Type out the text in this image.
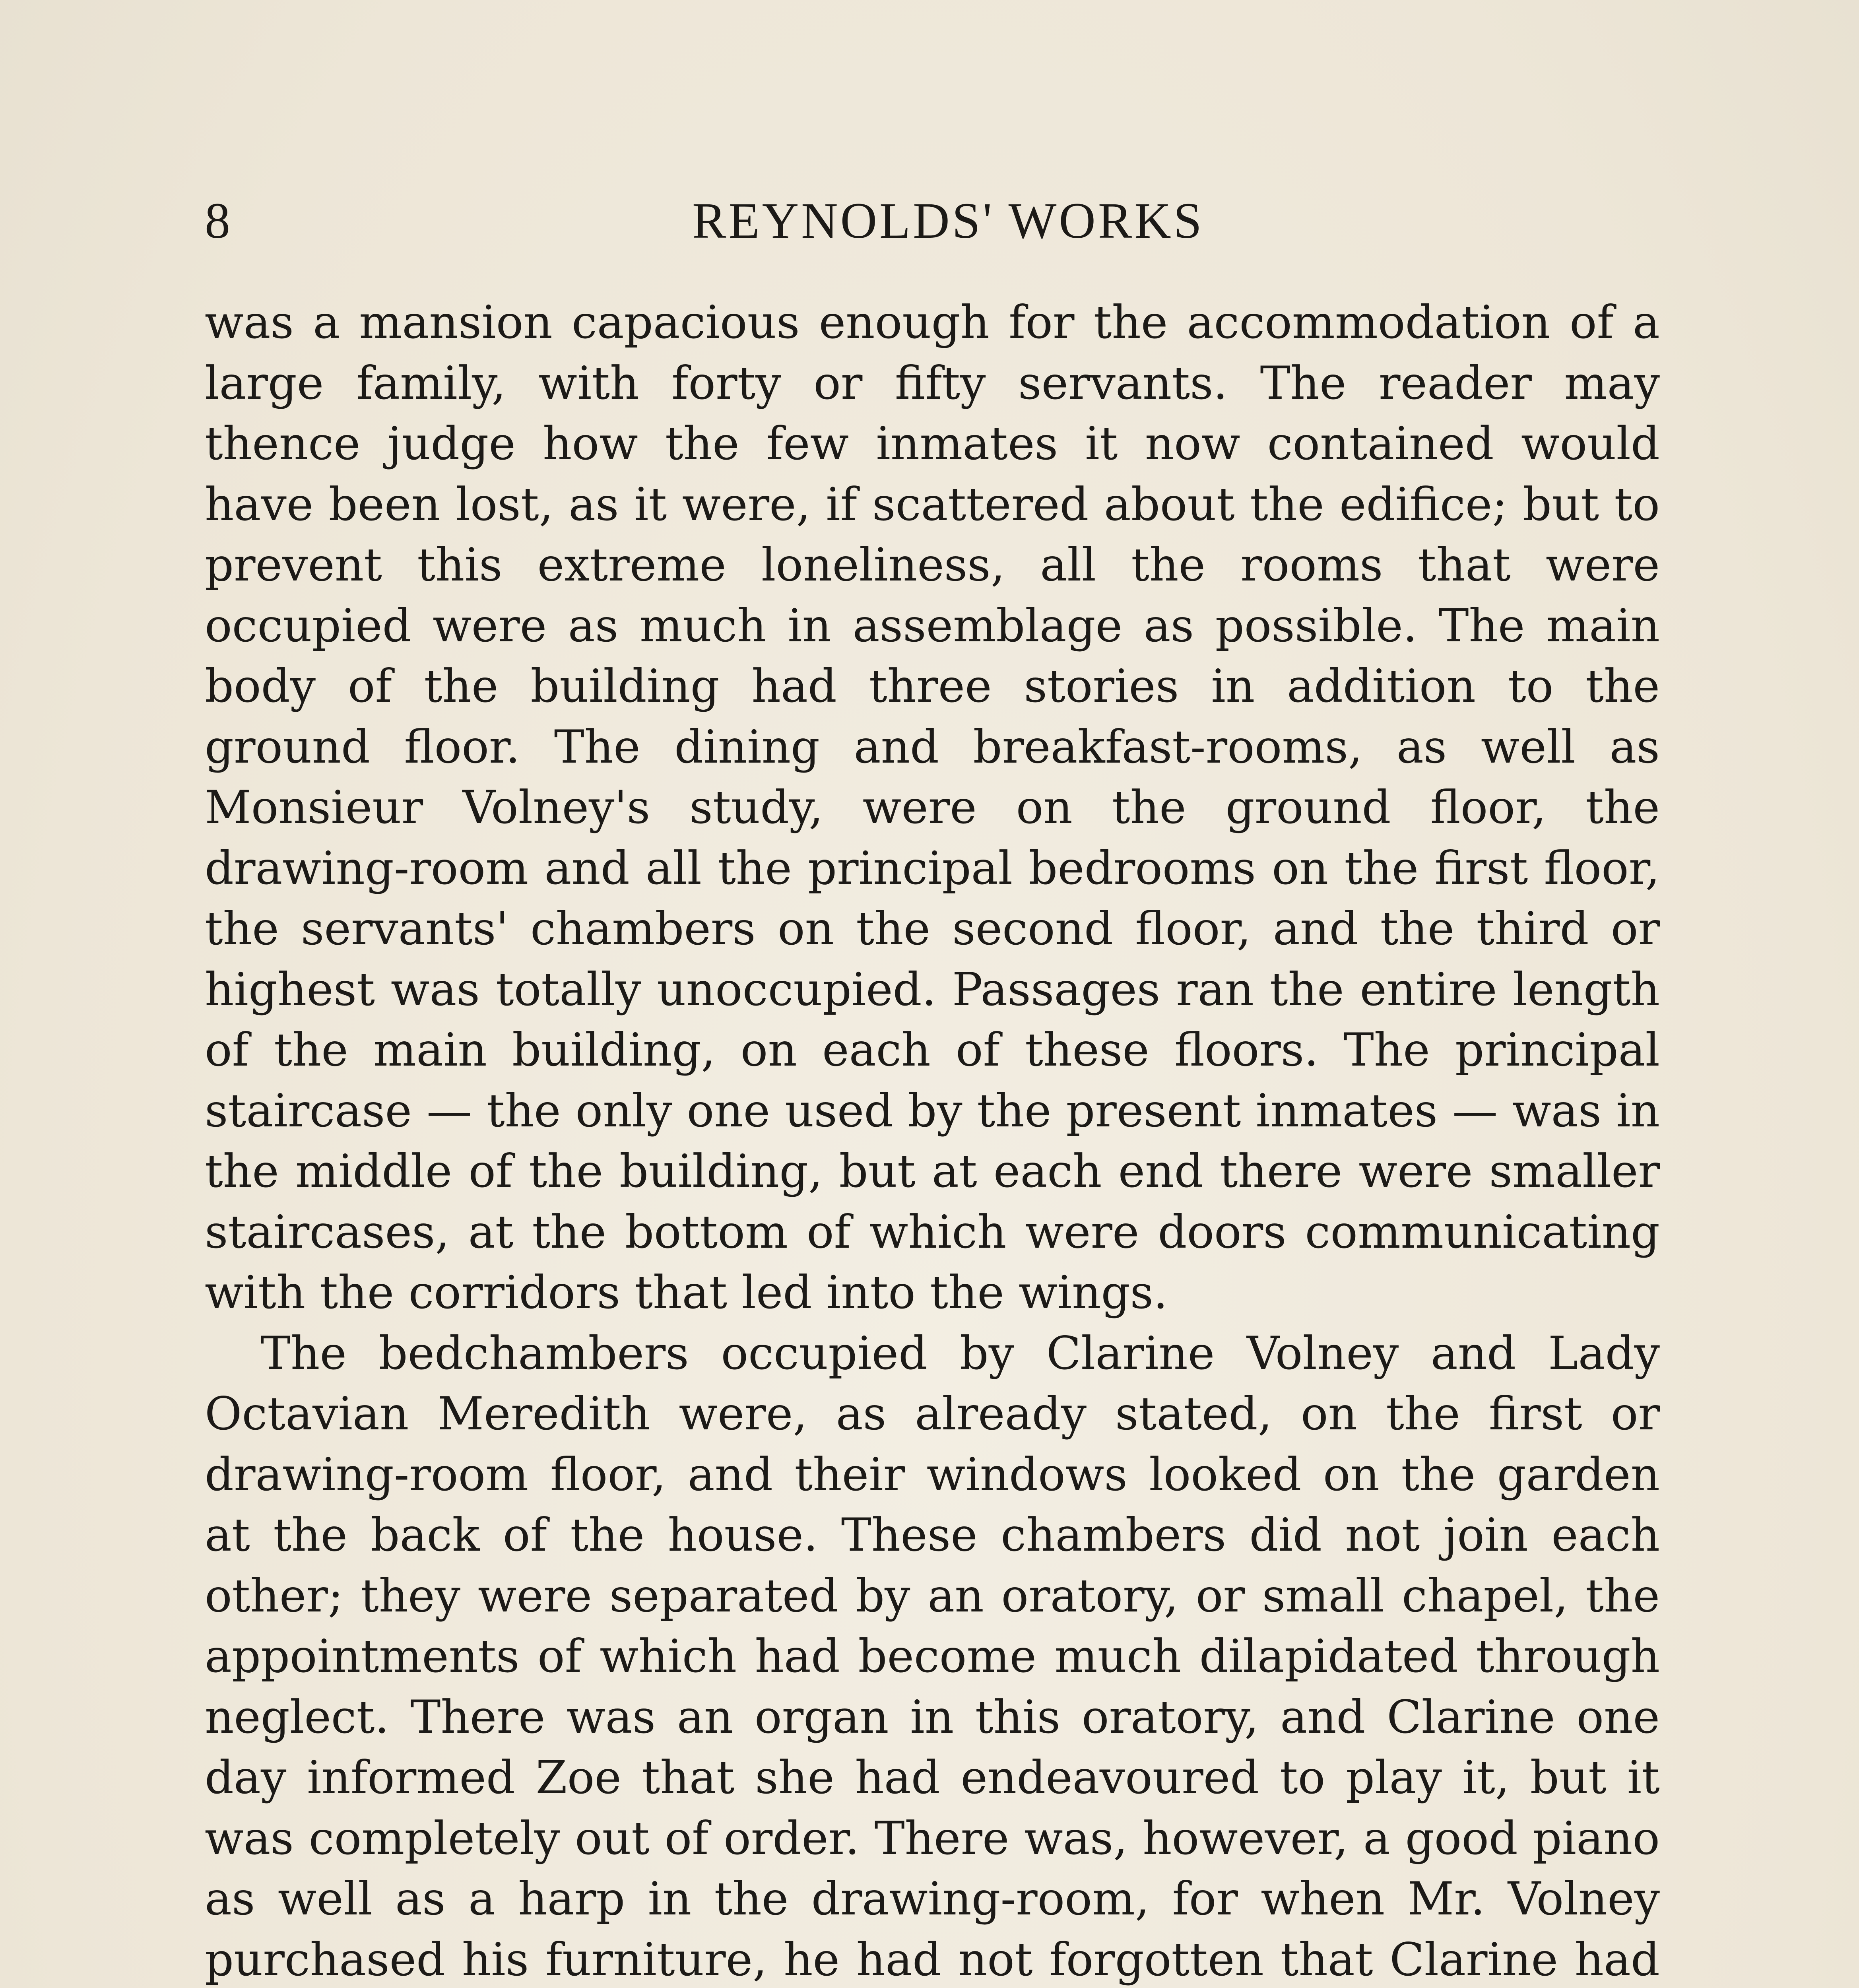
8	REYNOLDS' WORKS

was a mansion capacious enough for the accommodation of a large family, with forty or fifty servants. The reader may thence judge how the few inmates it now contained would have been lost, as it were, if scattered about the edifice; but to prevent this extreme loneliness, all the rooms that were occupied were as much in assemblage as possible. The main body of the building had three stories in addition to the ground floor. The dining and breakfast-rooms, as well as Monsieur Volney's study, were on the ground floor, the drawing-room and all the principal bedrooms on the first floor, the servants' chambers on the second floor, and the third or highest was totally unoccupied. Passages ran the entire length of the main building, on each of these floors. The principal staircase — the only one used by the present inmates — was in the middle of the building, but at each end there were smaller staircases, at the bottom of which were doors communicating with the corridors that led into the wings.

The bedchambers occupied by Clarine Volney and Lady Octavian Meredith were, as already stated, on the first or drawing-room floor, and their windows looked on the garden at the back of the house. These chambers did not join each other; they were separated by an oratory, or small chapel, the appointments of which had become much dilapidated through neglect. There was an organ in this oratory, and Clarine one day informed Zoe that she had endeavoured to play it, but it was completely out of order. There was, however, a good piano as well as a harp in the drawing-room, for when Mr. Volney purchased his furniture, he had not forgotten that Clarine had
